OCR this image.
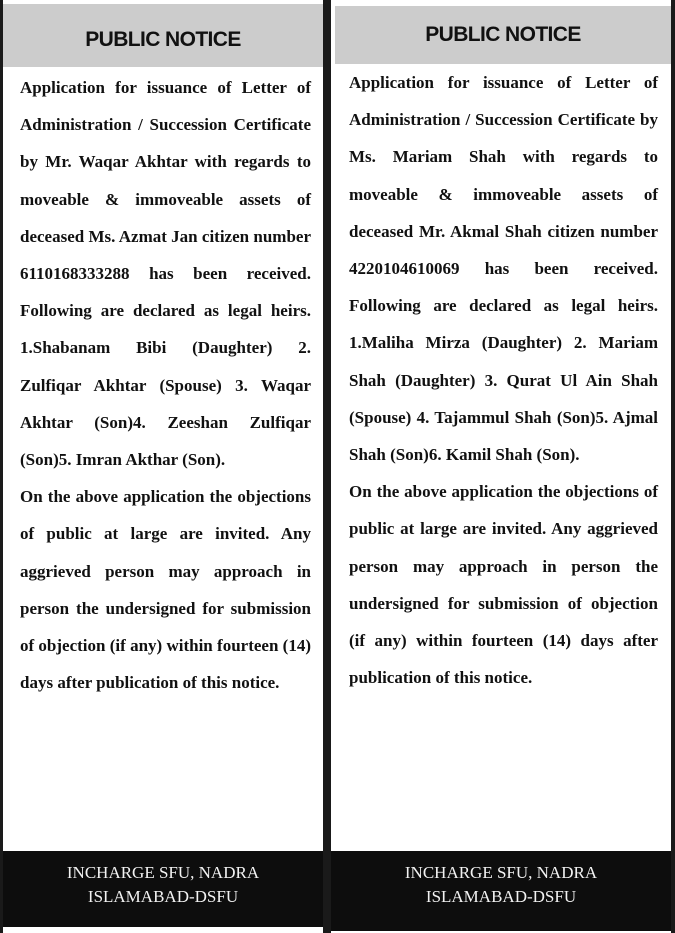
PUBLIC NOTICE

Application for issuance of Letter of Administration / Succession Certificate by Mr. Waqar Akhtar with regards to moveable & immoveable assets of deceased Ms. Azmat Jan citizen number 6110168333288 has been received. Following are declared as legal heirs. 1.Shabanam Bibi (Daughter) 2. Zulfiqar Akhtar (Spouse) 3. Waqar Akhtar (Son)4. Zeeshan Zulfiqar (Son)5. Imran Akthar (Son).

On the above application the objections of public at large are invited. Any aggrieved person may approach in person the undersigned for submission of objection (if any) within fourteen (14) days after publication of this notice.

INCHARGE SFU, NADRA
ISLAMABAD-DSFU
PUBLIC NOTICE

Application for issuance of Letter of Administration / Succession Certificate by Ms. Mariam Shah with regards to moveable & immoveable assets of deceased Mr. Akmal Shah citizen number 4220104610069 has been received. Following are declared as legal heirs. 1.Maliha Mirza (Daughter) 2. Mariam Shah (Daughter) 3. Qurat Ul Ain Shah (Spouse) 4. Tajammul Shah (Son)5. Ajmal Shah (Son)6. Kamil Shah (Son).

On the above application the objections of public at large are invited. Any aggrieved person may approach in person the undersigned for submission of objection (if any) within fourteen (14) days after publication of this notice.

INCHARGE SFU, NADRA
ISLAMABAD-DSFU
